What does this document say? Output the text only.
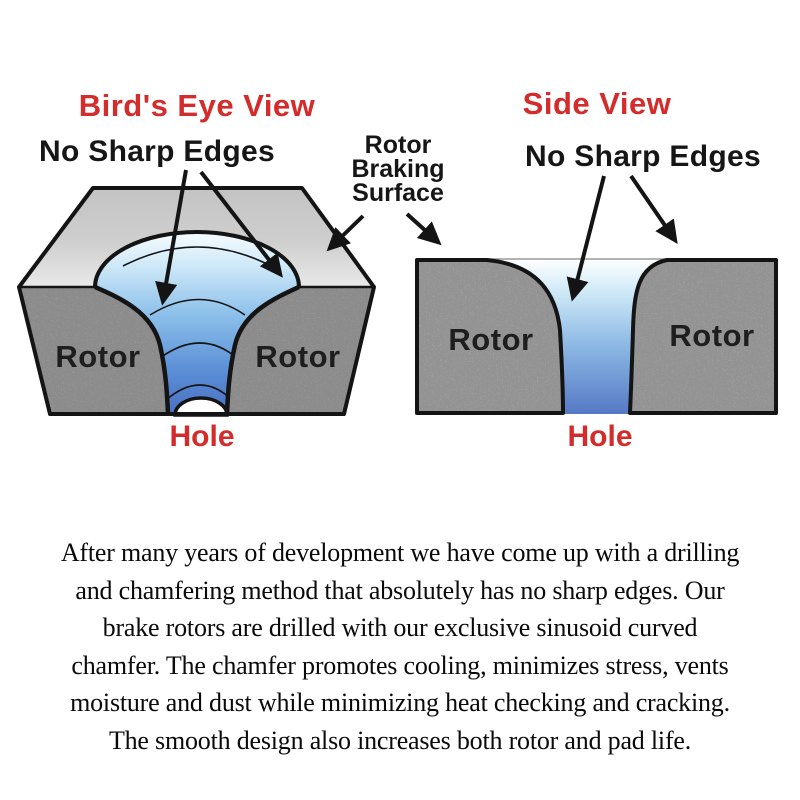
Bird's Eye View	Side View
No Sharp Edges	No Sharp Edges
Rotor
Braking
Surface
Rotor	Rotor	Rotor	Rotor
Hole	Hole
After many years of development we have come up with a drilling
and chamfering method that absolutely has no sharp edges. Our
brake rotors are drilled with our exclusive sinusoid curved
chamfer. The chamfer promotes cooling, minimizes stress, vents
moisture and dust while minimizing heat checking and cracking.
The smooth design also increases both rotor and pad life.
